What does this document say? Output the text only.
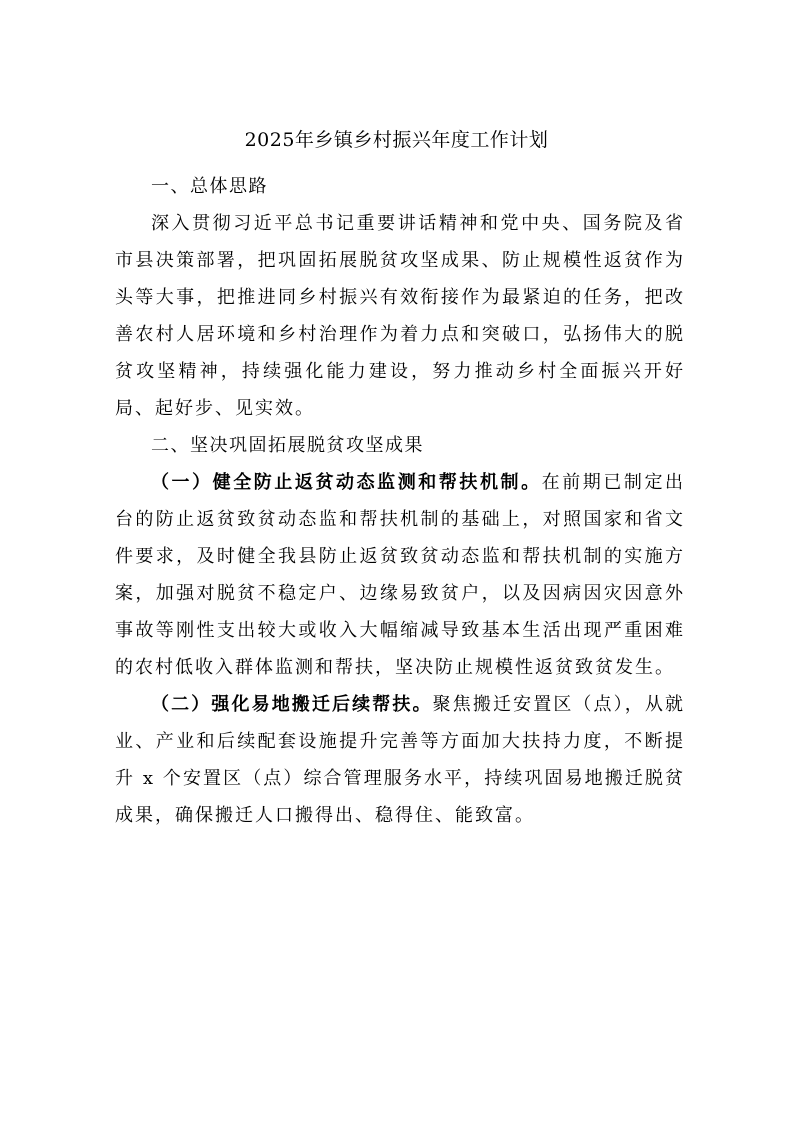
2025年乡镇乡村振兴年度工作计划

一、总体思路

深入贯彻习近平总书记重要讲话精神和党中央、国务院及省市县决策部署，把巩固拓展脱贫攻坚成果、防止规模性返贫作为头等大事，把推进同乡村振兴有效衔接作为最紧迫的任务，把改善农村人居环境和乡村治理作为着力点和突破口，弘扬伟大的脱贫攻坚精神，持续强化能力建设，努力推动乡村全面振兴开好局、起好步、见实效。

二、坚决巩固拓展脱贫攻坚成果

（一）健全防止返贫动态监测和帮扶机制。在前期已制定出台的防止返贫致贫动态监和帮扶机制的基础上，对照国家和省文件要求，及时健全我县防止返贫致贫动态监和帮扶机制的实施方案，加强对脱贫不稳定户、边缘易致贫户，以及因病因灾因意外事故等刚性支出较大或收入大幅缩减导致基本生活出现严重困难的农村低收入群体监测和帮扶，坚决防止规模性返贫致贫发生。

（二）强化易地搬迁后续帮扶。聚焦搬迁安置区（点），从就业、产业和后续配套设施提升完善等方面加大扶持力度，不断提升 x 个安置区（点）综合管理服务水平，持续巩固易地搬迁脱贫成果，确保搬迁人口搬得出、稳得住、能致富。
